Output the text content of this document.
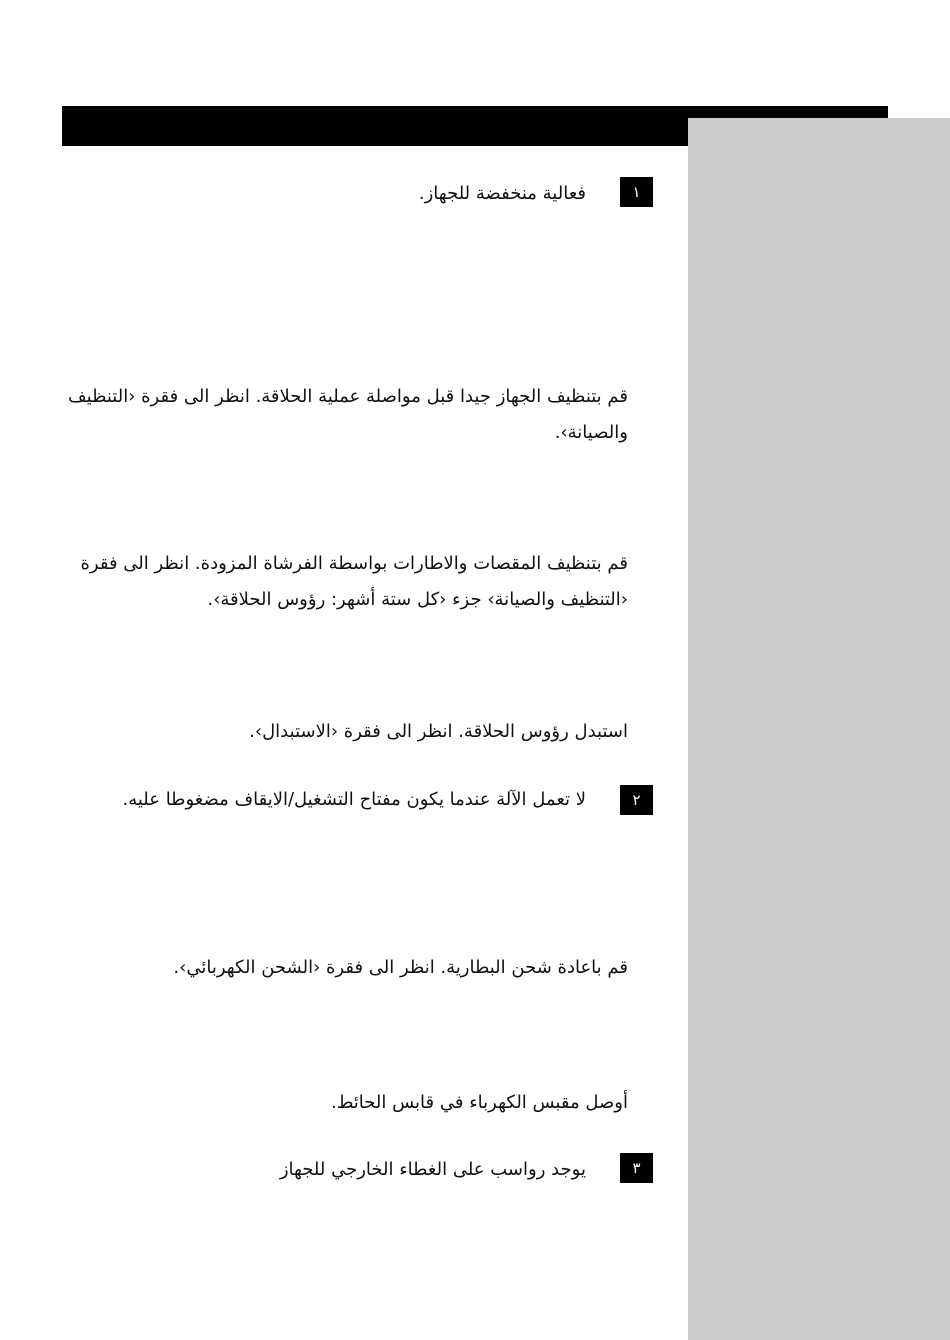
١
فعالية منخفضة للجهاز.
قم بتنظيف الجهاز جيدا قبل مواصلة عملية الحلاقة. انظر الى فقرة ‹التنظيف والصيانة›.
قم بتنظيف المقصات والاطارات بواسطة الفرشاة المزودة. انظر الى فقرة ‹التنظيف والصيانة› جزء ‹كل ستة أشهر: رؤوس الحلاقة›.
استبدل رؤوس الحلاقة. انظر الى فقرة ‹الاستبدال›.
٢
لا تعمل الآلة عندما يكون مفتاح التشغيل/الايقاف مضغوطا عليه.
قم باعادة شحن البطارية. انظر الى فقرة ‹الشحن الكهربائي›.
أوصل مقبس الكهرباء في قابس الحائط.
٣
يوجد رواسب على الغطاء الخارجي للجهاز
